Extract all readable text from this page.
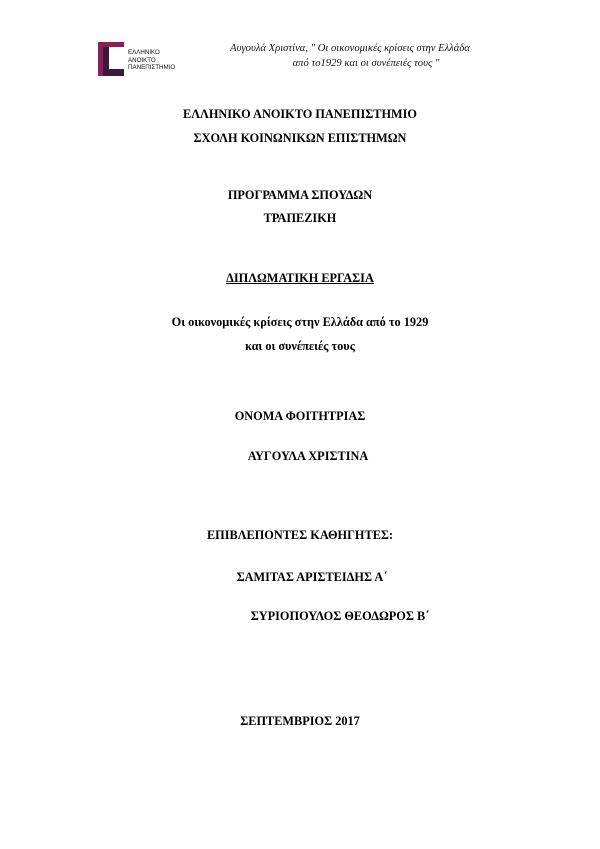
ΕΛΛΗΝΙΚΟ
ΑΝΟΙΚΤΟ
ΠΑΝΕΠΙΣΤΗΜΙΟ
Αυγουλά Χριστίνα, " Οι οικονομικές κρίσεις στην Ελλάδα
από το1929 και οι συνέπειές τους "
ΕΛΛΗΝΙΚΟ ΑΝΟΙΚΤΟ ΠΑΝΕΠΙΣΤΗΜΙΟ
ΣΧΟΛΗ ΚΟΙΝΩΝΙΚΩΝ ΕΠΙΣΤΗΜΩΝ
ΠΡΟΓΡΑΜΜΑ ΣΠΟΥΔΩΝ
ΤΡΑΠΕΖΙΚΗ
ΔΙΠΛΩΜΑΤΙΚΗ ΕΡΓΑΣΙΑ
Οι οικονομικές κρίσεις στην Ελλάδα από το 1929
και οι συνέπειές τους
ΟΝΟΜΑ ΦΟΙΤΗΤΡΙΑΣ
ΑΥΓΟΥΛΑ ΧΡΙΣΤΙΝΑ
ΕΠΙΒΛΕΠΟΝΤΕΣ ΚΑΘΗΓΗΤΕΣ:
ΣΑΜΙΤΑΣ ΑΡΙΣΤΕΙΔΗΣ Α΄
ΣΥΡΙΟΠΟΥΛΟΣ ΘΕΟΔΩΡΟΣ Β΄
ΣΕΠΤΕΜΒΡΙΟΣ 2017
